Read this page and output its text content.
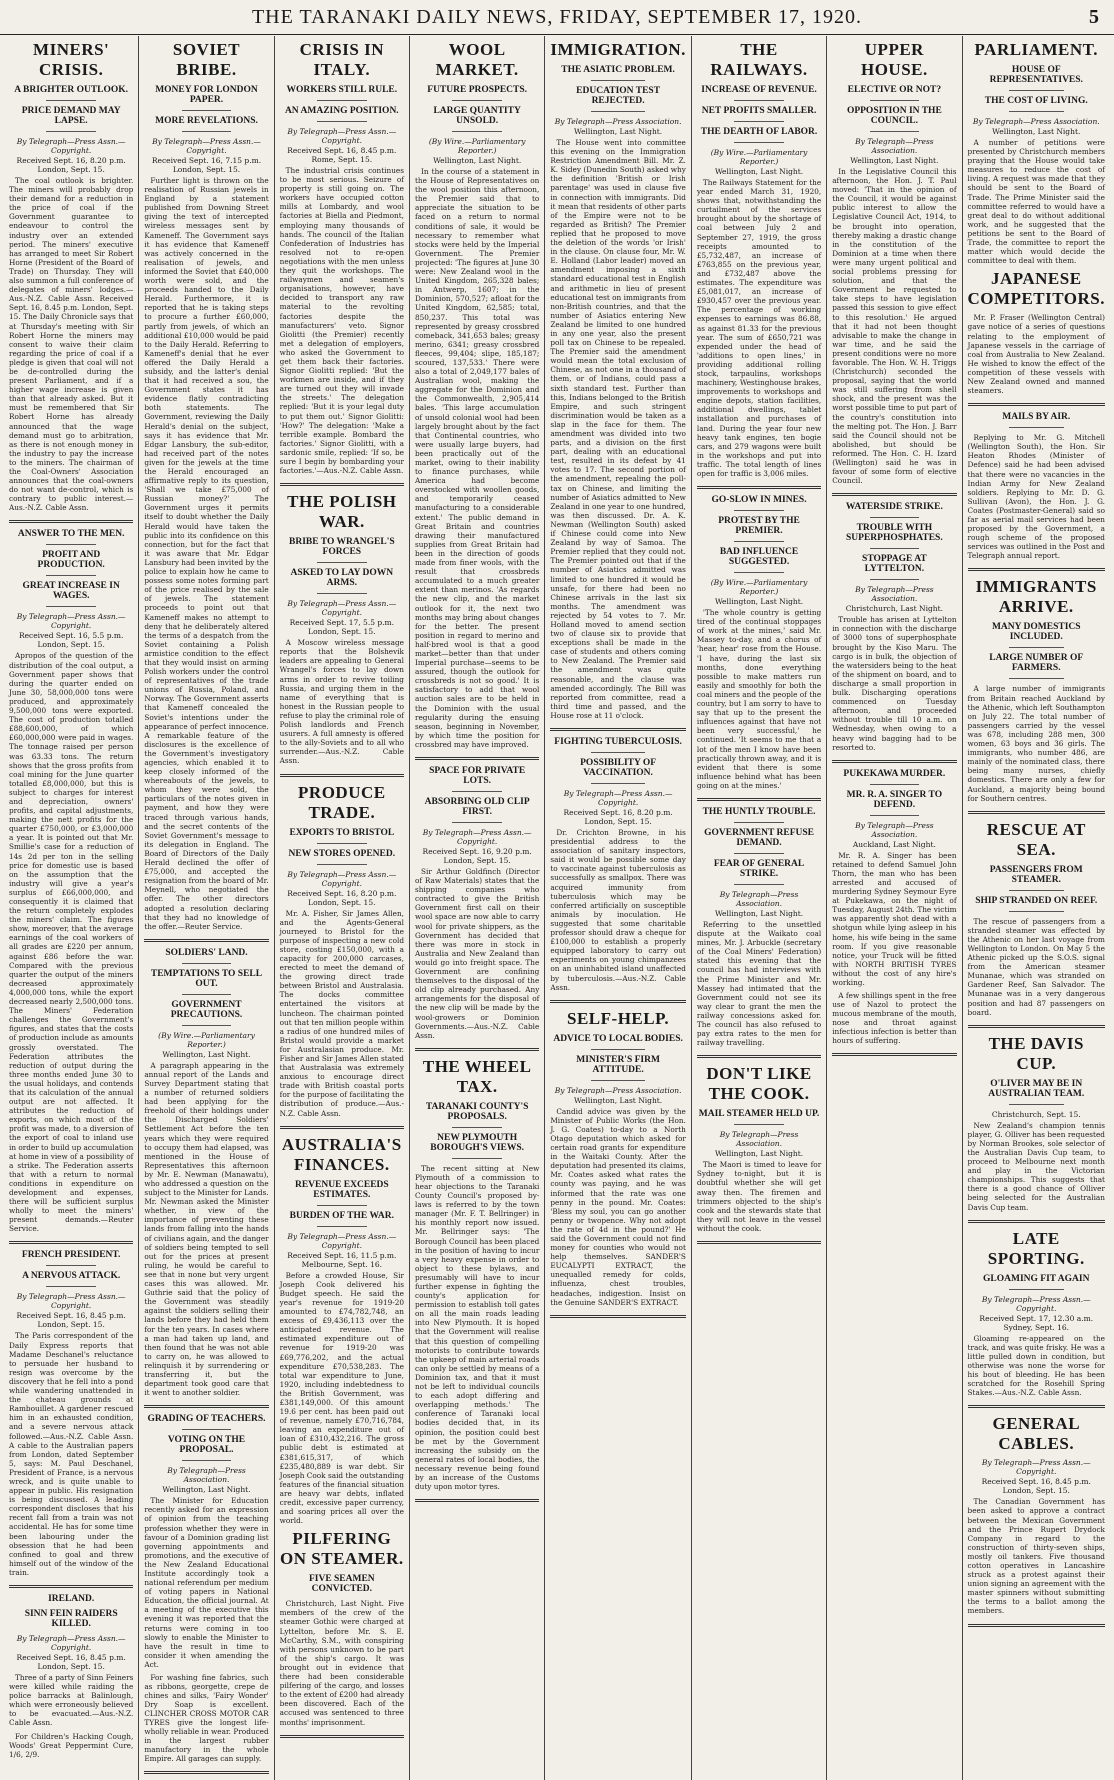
THE TARANAKI DAILY NEWS, FRIDAY, SEPTEMBER 17, 1920.	5
MINERS' CRISIS.
A BRIGHTER OUTLOOK.
PRICE DEMAND MAY LAPSE.
By Telegraph—Press Assn.—Copyright.
Received Sept. 16, 8.20 p.m. London, Sept. 15.

The coal outlook is brighter. The miners will probably drop their demand for a reduction in the price of coal if the Government guarantee to endeavour to control the industry over an extended period. The miners' executive has arranged to meet Sir Robert Horne (President of the Board of Trade) on Thursday. They will also summon a full conference of delegates of miners' lodges.—Aus.-N.Z. Cable Assn. Received Sept. 16, 8.45 p.m. London, Sept. 15. The Daily Chronicle says that at Thursday's meeting with Sir Robert Horne the miners may consent to waive their claim regarding the price of coal if a pledge is given that coal will not be de-controlled during the present Parliament, and if a higher wage increase is given than that already asked. But it must be remembered that Sir Robert Horne has already announced that the wage demand must go to arbitration, as there is not enough money in the industry to pay the increase to the miners. The chairman of the Coal-Owners' Association announces that the coal-owners do not want de-control, which is contrary to public interest.—Aus.-N.Z. Cable Assn.

ANSWER TO THE MEN.
PROFIT AND PRODUCTION.
GREAT INCREASE IN WAGES.
By Telegraph—Press Assn.—Copyright.
Received Sept. 16, 5.5 p.m. London, Sept. 15.

Apropos of the question of the distribution of the coal output, a Government paper shows that during the quarter ended on June 30, 58,000,000 tons were produced, and approximately 9,500,000 tons were exported. The cost of production totalled £88,600,000, of which £60,000,000 were paid in wages. The tonnage raised per person was 63.33 tons. The return shows that the gross profits from coal mining for the June quarter totalled £8,000,000, but this is subject to charges for interest and depreciation, owners' profits, and capital adjustments, making the nett profits for the quarter £750,000, or £3,000,000 a year. It is pointed out that Mr. Smillie's case for a reduction of 14s 2d per ton in the selling price for domestic use is based on the assumption that the industry will give a year's surplus of £66,000,000, and consequently it is claimed that the return completely explodes the miners' claim. The figures show, moreover, that the average earnings of the coal workers of all grades are £220 per annum, against £86 before the war. Compared with the previous quarter the output of the miners decreased approximately 4,000,000 tons, while the export decreased nearly 2,500,000 tons. The Miners' Federation challenges the Government's figures, and states that the costs of production include as amounts grossly overstated. The Federation attributes the reduction of output during the three months ended June 30 to the usual holidays, and contends that its calculation of the annual output are not affected. It attributes the reduction of exports, on which most of the profit was made, to a diversion of the export of coal to inland use in order to build up accumulation at home in view of a possibility of a strike. The Federation asserts that with a return to normal conditions in expenditure on development and expenses, there will be sufficient surplus wholly to meet the miners' present demands.—Reuter Service.

FRENCH PRESIDENT.
A NERVOUS ATTACK.
By Telegraph—Press Assn.—Copyright.
Received Sept. 16, 8.45 p.m. London, Sept. 15.

The Paris correspondent of the Daily Express reports that Madame Deschanel's reluctance to persuade her husband to resign was overcome by the discovery that he fell into a pond while wandering unattended in the chateau grounds at Rambouillet. A gardener rescued him in an exhausted condition, and a severe nervous attack followed.—Aus.-N.Z. Cable Assn. A cable to the Australian papers from London, dated September 5, says: M. Paul Deschanel, President of France, is a nervous wreck, and is quite unable to appear in public. His resignation is being discussed. A leading correspondent discloses that his recent fall from a train was not accidental. He has for some time been labouring under the obsession that he had been confined to goal and threw himself out of the window of the train.

IRELAND.
SINN FEIN RAIDERS KILLED.
By Telegraph—Press Assn.—Copyright.
Received Sept. 16, 8.45 p.m. London, Sept. 15.

Three of a party of Sinn Feiners were killed while raiding the police barracks at Balinlough, which were erroneously believed to be evacuated.—Aus.-N.Z. Cable Assn.

For Children's Hacking Cough, Woods' Great Peppermint Cure, 1/6, 2/9.

SOVIET BRIBE.
MONEY FOR LONDON PAPER.
MORE REVELATIONS.
By Telegraph—Press Assn.—Copyright.
Received Sept. 16, 7.15 p.m. London, Sept. 15.

Further light is thrown on the realisation of Russian jewels in England by a statement published from Downing Street giving the text of intercepted wireless messages sent by Kameneff. The Government says it has evidence that Kameneff was actively concerned in the realisation of jewels, and informed the Soviet that £40,000 worth were sold, and the proceeds handed to the Daily Herald. Furthermore, it is reported that he is taking steps to procure a further £60,000, partly from jewels, of which an additional £10,000 would be paid to the Daily Herald. Referring to Kameneff's denial that he ever offered the Daily Herald a subsidy, and the latter's denial that it had received a sou, the Government states it has evidence flatly contradicting both statements. The Government, reviewing the Daily Herald's denial on the subject, says it has evidence that Mr. Edgar Lansbury, the sub-editor, had received part of the notes given for the jewels at the time the Herald encouraged an affirmative reply to its question, 'Shall we take £75,000 of Russian money?' The Government urges it permits itself to doubt whether the Daily Herald would have taken the public into its confidence on this connection, but for the fact that it was aware that Mr. Edgar Lansbury had been invited by the police to explain how he came to possess some notes forming part of the price realised by the sale of jewels. The statement proceeds to point out that Kameneff makes no attempt to deny that he deliberately altered the terms of a despatch from the Soviet containing a Polish armistice condition to the effect that they would insist on arming Polish workers under the control of representatives of the trade unions of Russia, Poland, and Norway. The Government asserts that Kameneff concealed the Soviet's intentions under the appearance of perfect innocence. A remarkable feature of the disclosures is the excellence of the Government's investigatory agencies, which enabled it to keep closely informed of the whereabouts of the jewels, to whom they were sold, the particulars of the notes given in payment, and how they were traced through various hands, and the secret contents of the Soviet Government's message to its delegation in England. The Board of Directors of the Daily Herald declined the offer of £75,000, and accepted the resignation from the board of Mr. Meynell, who negotiated the offer. The other directors adopted a resolution declaring that they had no knowledge of the offer.—Reuter Service.

SOLDIERS' LAND.
TEMPTATIONS TO SELL OUT.
GOVERNMENT PRECAUTIONS.
(By Wire.—Parliamentary Reporter.)
Wellington, Last Night.

A paragraph appearing in the annual report of the Lands and Survey Department stating that a number of returned soldiers had been applying for the freehold of their holdings under the Discharged Soldiers' Settlement Act before the ten years which they were required to occupy them had elapsed, was mentioned in the House of Representatives this afternoon by Mr. E. Newman (Manawatu), who addressed a question on the subject to the Minister for Lands. Mr. Newman asked the Minister whether, in view of the importance of preventing these lands from falling into the hands of civilians again, and the danger of soldiers being tempted to sell out for the prices at present ruling, he would be careful to see that in none but very urgent cases this was allowed. Mr. Guthrie said that the policy of the Government was steadily against the soldiers selling their lands before they had held them for the ten years. In cases where a man had taken up land, and then found that he was not able to carry on, he was allowed to relinquish it by surrendering or transferring it, but the department took good care that it went to another soldier.

GRADING OF TEACHERS.
VOTING ON THE PROPOSAL.
By Telegraph—Press Association.
Wellington, Last Night.

The Minister for Education recently asked for an expression of opinion from the teaching profession whether they were in favour of a Dominion grading list governing appointments and promotions, and the executive of the New Zealand Educational Institute accordingly took a national referendum per medium of voting papers in National Education, the official journal. At a meeting of the executive this evening it was reported that the returns were coming in too slowly to enable the Minister to have the result in time to consider it when amending the Act.

For washing fine fabrics, such as ribbons, georgette, crepe de chines and silks, 'Fairy Wonder' Dry Soap is excellent. CLINCHER CROSS MOTOR CAR TYRES give the longest life-wholly reliable in wear. Produced in the largest rubber manufactory in the whole Empire. All garages can supply.

CRISIS IN ITALY.
WORKERS STILL RULE.
AN AMAZING POSITION.
By Telegraph—Press Assn.—Copyright.
Received Sept. 16, 8.45 p.m. Rome, Sept. 15.

The industrial crisis continues to be most serious. Seizure of property is still going on. The workers have occupied cotton mills at Lombardy, and wool factories at Biella and Piedmont, employing many thousands of hands. The council of the Italian Confederation of Industries has resolved not to re-open negotiations with the men unless they quit the workshops. The railwaymen and seamen's organisations, however, have decided to transport any raw material to the revolting factories despite the manufacturers' veto. Signor Giolitti (the Premier) recently met a delegation of employers, who asked the Government to get them back their factories. Signor Giolitti replied: 'But the workmen are inside, and if they are turned out they will invade the streets.' The delegation replied: 'But it is your legal duty to put them out.' Signor Giolitti: 'How?' The delegation: 'Make a terrible example. Bombard the factories.' Signor Giolitti, with a sardonic smile, replied: 'If so, be sure I begin by bombarding your factories.'—Aus.-N.Z. Cable Assn.

THE POLISH WAR.
BRIBE TO WRANGEL'S FORCES
ASKED TO LAY DOWN ARMS.
By Telegraph—Press Assn.—Copyright.
Received Sept. 17, 5.5 p.m. London, Sept. 15.

A Moscow wireless message reports that the Bolshevik leaders are appealing to General Wrangel's forces to lay down arms in order to revive toiling Russia, and urging them in the name of everything that is honest in the Russian people to refuse to play the criminal role of Polish landlords and French usurers. A full amnesty is offered to the ally-Soviets and to all who surrender.—Aus.-N.Z. Cable Assn.

PRODUCE TRADE.
EXPORTS TO BRISTOL
NEW STORES OPENED.
By Telegraph—Press Assn.—Copyright.
Received Sept. 16, 8.20 p.m. London, Sept. 15.

Mr. A. Fisher, Sir James Allen, and the Agents-General journeyed to Bristol for the purpose of inspecting a new cold store, costing £150,000, with a capacity for 200,000 carcases, erected to meet the demand of the growing direct trade between Bristol and Australasia. The docks committee entertained the visitors at luncheon. The chairman pointed out that ten million people within a radius of one hundred miles of Bristol would provide a market for Australasian produce. Mr. Fisher and Sir James Allen stated that Australasia was extremely anxious to encourage direct trade with British coastal ports for the purpose of facilitating the distribution of produce.—Aus.-N.Z. Cable Assn.

AUSTRALIA'S FINANCES.
REVENUE EXCEEDS ESTIMATES.
BURDEN OF THE WAR.
By Telegraph—Press Assn.—Copyright.
Received Sept. 16, 11.5 p.m. Melbourne, Sept. 16.

Before a crowded House, Sir Joseph Cook delivered his Budget speech. He said the year's revenue for 1919-20 amounted to £74,782,748, an excess of £9,436,113 over the anticipated revenue. The estimated expenditure out of revenue for 1919-20 was £69,776,202, and the actual expenditure £70,538,283. The total war expenditure to June, 1920, including indebtedness to the British Government, was £381,149,000. Of this amount 19.6 per cent. has been paid out of revenue, namely £70,716,784, leaving an expenditure out of loan of £310,432,216. The gross public debt is estimated at £381,615,317, of which £235,480,889 is war debt. Sir Joseph Cook said the outstanding features of the financial situation are heavy war debts, inflated credit, excessive paper currency, and soaring prices all over the world.

PILFERING ON STEAMER.
FIVE SEAMEN CONVICTED.

Christchurch, Last Night. Five members of the crew of the steamer Gothic were charged at Lyttelton, before Mr. S. E. McCarthy, S.M., with conspiring with persons unknown to be part of the ship's cargo. It was brought out in evidence that there had been considerable pilfering of the cargo, and losses to the extent of £200 had already been discovered. Each of the accused was sentenced to three months' imprisonment.

WOOL MARKET.
FUTURE PROSPECTS.
LARGE QUANTITY UNSOLD.
(By Wire.—Parliamentary Reporter.)
Wellington, Last Night.

In the course of a statement in the House of Representatives on the wool position this afternoon, the Premier said that to appreciate the situation to be faced on a return to normal conditions of sale, it would be necessary to remember what stocks were held by the Imperial Government. The Premier projected: 'The figures at June 30 were: New Zealand wool in the United Kingdom, 265,328 bales; in Antwerp, 1607; in the Dominion, 570,527; afloat for the United Kingdom, 62,585; total, 850,237. This total was represented by greasy crossbred comeback, 341,653 bales; greasy merino, 6341; greasy crossbred fleeces, 99,404; slipe, 185,187; scoured, 137,533.' There were also a total of 2,049,177 bales of Australian wool, making the aggregate for the Dominion and the Commonwealth, 2,905,414 bales. 'This large accumulation of unsold colonial wool had been largely brought about by the fact that Continental countries, who were usually large buyers, had been practically out of the market, owing to their inability to finance purchases, while America had become overstocked with woollen goods, and temporarily ceased manufacturing to a considerable extent.' The public demand in Great Britain and countries drawing their manufactured supplies from Great Britain had been in the direction of goods made from finer wools, with the result that crossbreds accumulated to a much greater extent than merinos. 'As regards the new clip, and the market outlook for it, the next two months may bring about changes for the better. The present position in regard to merino and half-bred wool is that a good market—better than that under Imperial purchase—seems to be assured, though the outlook for crossbreds is not so good.' It is satisfactory to add that wool auction sales are to be held in the Dominion with the usual regularity during the ensuing season, beginning in November, by which time the position for crossbred may have improved.

SPACE FOR PRIVATE LOTS.
ABSORBING OLD CLIP FIRST.
By Telegraph—Press Assn.—Copyright.
Received Sept. 16, 9.20 p.m. London, Sept. 15.

Sir Arthur Goldfinch (Director of Raw Materials) states that the shipping companies who contracted to give the British Government first call on their wool space are now able to carry wool for private shippers, as the Government has decided that there was more in stock in Australia and New Zealand than would go into freight space. The Government are confining themselves to the disposal of the old clip already purchased. Any arrangements for the disposal of the new clip will be made by the wool-growers or Dominion Governments.—Aus.-N.Z. Cable Assn.

THE WHEEL TAX.
TARANAKI COUNTY'S PROPOSALS.
NEW PLYMOUTH BOROUGH'S VIEWS.

The recent sitting at New Plymouth of a commission to hear objections to the Taranaki County Council's proposed by-laws is referred to by the town manager (Mr. F. T. Bellringer) in his monthly report now issued. Mr. Bellringer says: 'The Borough Council has been placed in the position of having to incur a very heavy expense in order to object to these bylaws, and presumably will have to incur further expense in fighting the county's application for permission to establish toll gates on all the main roads leading into New Plymouth. It is hoped that the Government will realise that this question of compelling motorists to contribute towards the upkeep of main arterial roads can only be settled by means of a Dominion tax, and that it must not be left to individual councils to each adopt differing and overlapping methods.' The conference of Taranaki local bodies decided that, in its opinion, the position could best be met by the Government increasing the subsidy on the general rates of local bodies, the necessary revenue being found by an increase of the Customs duty upon motor tyres.

IMMIGRATION.
THE ASIATIC PROBLEM.
EDUCATION TEST REJECTED.
By Telegraph—Press Association.
Wellington, Last Night.

The House went into committee this evening on the Immigration Restriction Amendment Bill. Mr. Z. K. Sidey (Dunedin South) asked why the definition 'British or Irish parentage' was used in clause five in connection with immigrants. Did it mean that residents of other parts of the Empire were not to be regarded as British? The Premier replied that he proposed to move the deletion of the words 'or Irish' in the clause. On clause four, Mr. W. E. Holland (Labor leader) moved an amendment imposing a sixth standard educational test in English and arithmetic in lieu of present educational test on immigrants from non-British countries, and that the number of Asiatics entering New Zealand be limited to one hundred in any one year, also the present poll tax on Chinese to be repealed. The Premier said the amendment would mean the total exclusion of Chinese, as not one in a thousand of them, or of Indians, could pass a sixth standard test. Further than this, Indians belonged to the British Empire, and such stringent discrimination would be taken as a slap in the face for them. The amendment was divided into two parts, and a division on the first part, dealing with an educational test, resulted in its defeat by 41 votes to 17. The second portion of the amendment, repealing the poll-tax on Chinese, and limiting the number of Asiatics admitted to New Zealand in one year to one hundred, was then discussed. Dr. A. K. Newman (Wellington South) asked if Chinese could come into New Zealand by way of Samoa. The Premier replied that they could not. The Premier pointed out that if the number of Asiatics admitted was limited to one hundred it would be unsafe, for there had been no Chinese arrivals in the last six months. The amendment was rejected by 54 votes to 7. Mr. Holland moved to amend section two of clause six to provide that exceptions shall be made in the case of students and others coming to New Zealand. The Premier said the amendment was quite reasonable, and the clause was amended accordingly. The Bill was reported from committee, read a third time and passed, and the House rose at 11 o'clock.

FIGHTING TUBERCULOSIS.
POSSIBILITY OF VACCINATION.
By Telegraph—Press Assn.—Copyright.
Received Sept. 16, 8.20 p.m. London, Sept. 15.

Dr. Crichton Browne, in his presidential address to the association of sanitary inspectors, said it would be possible some day to vaccinate against tuberculosis as successfully as smallpox. There was acquired immunity from tuberculosis which may be conferred artificially on susceptible animals by inoculation. He suggested that some charitable professor should draw a cheque for £100,000 to establish a properly equipped laboratory to carry out experiments on young chimpanzees on an uninhabited island unaffected by tuberculosis.—Aus.-N.Z. Cable Assn.

SELF-HELP.
ADVICE TO LOCAL BODIES.
MINISTER'S FIRM ATTITUDE.
By Telegraph—Press Association.
Wellington, Last Night.

Candid advice was given by the Minister of Public Works (the Hon. J. G. Coates) to-day to a North Otago deputation which asked for certain road grants for expenditure in the Waitaki County. After the deputation had presented its claims, Mr. Coates asked what rates the county was paying, and he was informed that the rate was one penny in the pound. Mr. Coates: 'Bless my soul, you can go another penny or twopence. Why not adopt the rate of 4d in the pound?' He said the Government could not find money for counties who would not help themselves. SANDER'S EUCALYPTI EXTRACT, the unequalled remedy for colds, influenza, chest troubles, headaches, indigestion. Insist on the Genuine SANDER'S EXTRACT.

THE RAILWAYS.
INCREASE OF REVENUE.
NET PROFITS SMALLER.
THE DEARTH OF LABOR.
(By Wire.—Parliamentary Reporter.)
Wellington, Last Night.

The Railways Statement for the year ended March 31, 1920, shows that, notwithstanding the curtailment of the services brought about by the shortage of coal between July 2 and September 27, 1919, the gross receipts amounted to £5,732,487, an increase of £763,855 on the previous year, and £732,487 above the estimates. The expenditure was £5,081,017, an increase of £930,457 over the previous year. The percentage of working expenses to earnings was 86.88, as against 81.33 for the previous year. The sum of £650,721 was expended under the head of 'additions to open lines,' in providing additional rolling stock, tarpaulins, workshops machinery, Westinghouse brakes, improvements to workshops and engine depots, station facilities, additional dwellings, tablet installation and purchases of land. During the year four new heavy tank engines, ten bogie cars, and 279 wagons were built in the workshops and put into traffic. The total length of lines open for traffic is 3,006 miles.

GO-SLOW IN MINES.
PROTEST BY THE PREMIER.
BAD INFLUENCE SUGGESTED.
(By Wire.—Parliamentary Reporter.)
Wellington, Last Night.

'The whole country is getting tired of the continual stoppages of work at the mines,' said Mr. Massey to-day, and a chorus of 'hear, hear' rose from the House. 'I have, during the last six months, done everything possible to make matters run easily and smoothly for both the coal miners and the people of the country, but I am sorry to have to say that up to the present the influences against that have not been very successful,' he continued. 'It seems to me that a lot of the men I know have been practically thrown away, and it is evident that there is some influence behind what has been going on at the mines.'

THE HUNTLY TROUBLE.
GOVERNMENT REFUSE DEMAND.
FEAR OF GENERAL STRIKE.
By Telegraph—Press Association.
Wellington, Last Night.

Referring to the unsettled dispute at the Waikato coal mines, Mr. J. Arbuckle (secretary of the Coal Miners' Federation) stated this evening that the council has had interviews with the Prime Minister and Mr. Massey had intimated that the Government could not see its way clear to grant the men the railway concessions asked for. The council has also refused to pay extra rates to the men for railway travelling.

DON'T LIKE THE COOK.
MAIL STEAMER HELD UP.
By Telegraph—Press Association.
Wellington, Last Night.

The Maori is timed to leave for Sydney to-night, but it is doubtful whether she will get away then. The firemen and trimmers objected to the ship's cook and the stewards state that they will not leave in the vessel without the cook.

UPPER HOUSE.
ELECTIVE OR NOT?
OPPOSITION IN THE COUNCIL.
By Telegraph—Press Association.
Wellington, Last Night.

In the Legislative Council this afternoon, the Hon. J. T. Paul moved: 'That in the opinion of the Council, it would be against public interest to allow the Legislative Council Act, 1914, to be brought into operation, thereby making a drastic change in the constitution of the Dominion at a time when there were many urgent political and social problems pressing for solution, and that the Government be requested to take steps to have legislation passed this session to give effect to this resolution.' He argued that it had not been thought advisable to make the change in war time, and he said the present conditions were no more favorable. The Hon. W. H. Triggs (Christchurch) seconded the proposal, saying that the world was still suffering from shell shock, and the present was the worst possible time to put part of the country's constitution into the melting pot. The Hon. J. Barr said the Council should not be abolished, but should be reformed. The Hon. C. H. Izard (Wellington) said he was in favour of some form of elective Council.

WATERSIDE STRIKE.
TROUBLE WITH SUPERPHOSPHATES.
STOPPAGE AT LYTTELTON.
By Telegraph—Press Association.
Christchurch, Last Night.

Trouble has arisen at Lyttelton in connection with the discharge of 3000 tons of superphosphate brought by the Kiso Maru. The cargo is in bulk, the objection of the watersiders being to the heat of the shipment on board, and to discharge a small proportion in bulk. Discharging operations commenced on Tuesday afternoon, and proceeded without trouble till 10 a.m. on Wednesday, when owing to a heavy wind bagging had to be resorted to.

PUKEKAWA MURDER.
MR. R. A. SINGER TO DEFEND.
By Telegraph—Press Association.
Auckland, Last Night.

Mr. R. A. Singer has been retained to defend Samuel John Thorn, the man who has been arrested and accused of murdering Sydney Seymour Eyre at Pukekawa, on the night of Tuesday, August 24th. The victim was apparently shot dead with a shotgun while lying asleep in his home, his wife being in the same room. If you give reasonable notice, your Truck will be fitted with NORTH BRITISH TYRES without the cost of any hire's working.

A few shillings spent in the free use of Nazol to protect the mucous membrane of the mouth, nose and throat against infectious infection is better than hours of suffering.

PARLIAMENT.
HOUSE OF REPRESENTATIVES.
THE COST OF LIVING.
By Telegraph—Press Association.
Wellington, Last Night.

A number of petitions were presented by Christchurch members praying that the House would take measures to reduce the cost of living. A request was made that they should be sent to the Board of Trade. The Prime Minister said the committee referred to would have a great deal to do without additional work, and he suggested that the petitions be sent to the Board of Trade, the committee to report the matter which would decide the committee to deal with them.

JAPANESE COMPETITORS.

Mr. P. Fraser (Wellington Central) gave notice of a series of questions relating to the employment of Japanese vessels in the carriage of coal from Australia to New Zealand. He wished to know the effect of the competition of these vessels with New Zealand owned and manned steamers.

MAILS BY AIR.

Replying to Mr. G. Mitchell (Wellington South), the Hon. Sir Heaton Rhodes (Minister of Defence) said he had been advised that there were no vacancies in the Indian Army for New Zealand soldiers. Replying to Mr. D. G. Sullivan (Avon), the Hon. J. G. Coates (Postmaster-General) said so far as aerial mail services had been proposed by the Government, a rough scheme of the proposed services was outlined in the Post and Telegraph annual report.

IMMIGRANTS ARRIVE.
MANY DOMESTICS INCLUDED.
LARGE NUMBER OF FARMERS.

A large number of immigrants from Britain reached Auckland by the Athenic, which left Southampton on July 22. The total number of passengers carried by the vessel was 678, including 288 men, 300 women, 63 boys and 36 girls. The immigrants, who number 486, are mainly of the nominated class, there being many nurses, chiefly domestics. There are only a few for Auckland, a majority being bound for Southern centres.

RESCUE AT SEA.
PASSENGERS FROM STEAMER.
SHIP STRANDED ON REEF.

The rescue of passengers from a stranded steamer was effected by the Athenic on her last voyage from Wellington to London. On May 5 the Athenic picked up the S.O.S. signal from the American steamer Munanae, which was stranded on Gardener Reef, San Salvador. The Munanae was in a very dangerous position and had 87 passengers on board.

THE DAVIS CUP.
O'LIVER MAY BE IN AUSTRALIAN TEAM.
Christchurch, Sept. 15.

New Zealand's champion tennis player, G. Olliver has been requested by Norman Brookes, sole selector of the Australian Davis Cup team, to proceed to Melbourne next month and play in the Victorian championships. This suggests that there is a good chance of Olliver being selected for the Australian Davis Cup team.

LATE SPORTING.
GLOAMING FIT AGAIN
By Telegraph—Press Assn.—Copyright.
Received Sept. 17, 12.30 a.m. Sydney, Sept. 16.

Gloaming re-appeared on the track, and was quite frisky. He was a little pulled down in condition, but otherwise was none the worse for his bout of bleeding. He has been scratched for the Rosehill Spring Stakes.—Aus.-N.Z. Cable Assn.

GENERAL CABLES.
By Telegraph—Press Assn.—Copyright.
Received Sept. 16, 8.45 p.m. London, Sept. 15.

The Canadian Government has been asked to approve a contract between the Mexican Government and the Prince Rupert Drydock Company in regard to the construction of thirty-seven ships, mostly oil tankers. Five thousand cotton operatives in Lancashire struck as a protest against their union signing an agreement with the master spinners without submitting the terms to a ballot among the members.
